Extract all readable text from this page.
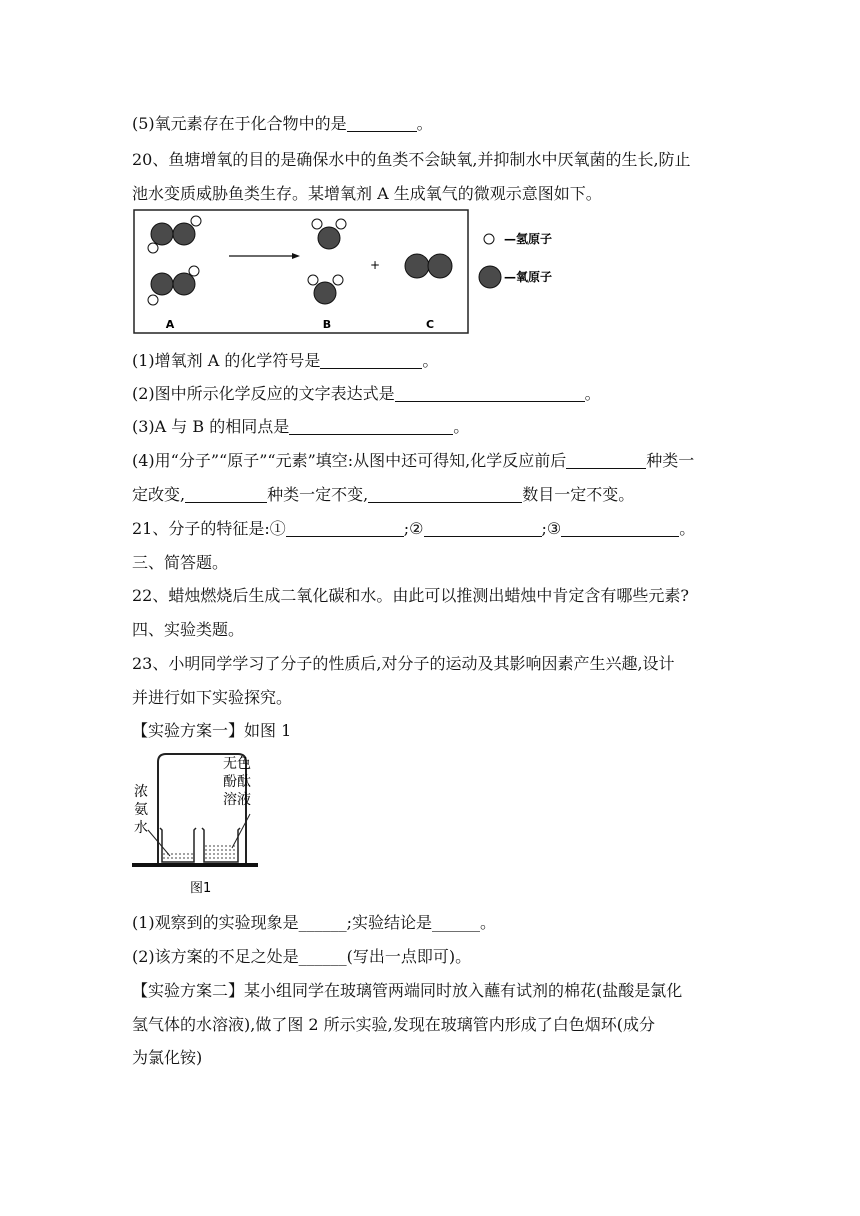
(5)氧元素存在于化合物中的是	。
20、鱼塘增氧的目的是确保水中的鱼类不会缺氧,并抑制水中厌氧菌的生长,防止
池水变质威胁鱼类生存。某增氧剂 A 生成氧气的微观示意图如下。
+
A	B	C
—氢原子
—氧原子
(1)增氧剂 A 的化学符号是	。
(2)图中所示化学反应的文字表达式是	。
(3)A 与 B 的相同点是	。
(4)用“分子”“原子”“元素”填空:从图中还可得知,化学反应前后	种类一
定改变,	种类一定不变,	数目一定不变。
21、分子的特征是:①	;②	;③	。
三、简答题。
22、蜡烛燃烧后生成二氧化碳和水。由此可以推测出蜡烛中肯定含有哪些元素?
四、实验类题。
23、小明同学学习了分子的性质后,对分子的运动及其影响因素产生兴趣,设计
并进行如下实验探究。
【实验方案一】如图 1
浓
氨
水
无色
酚酞
溶液
图1
(1)观察到的实验现象是______;实验结论是______。
(2)该方案的不足之处是______(写出一点即可)。
【实验方案二】某小组同学在玻璃管两端同时放入蘸有试剂的棉花(盐酸是氯化
氢气体的水溶液),做了图 2 所示实验,发现在玻璃管内形成了白色烟环(成分
为氯化铵)
